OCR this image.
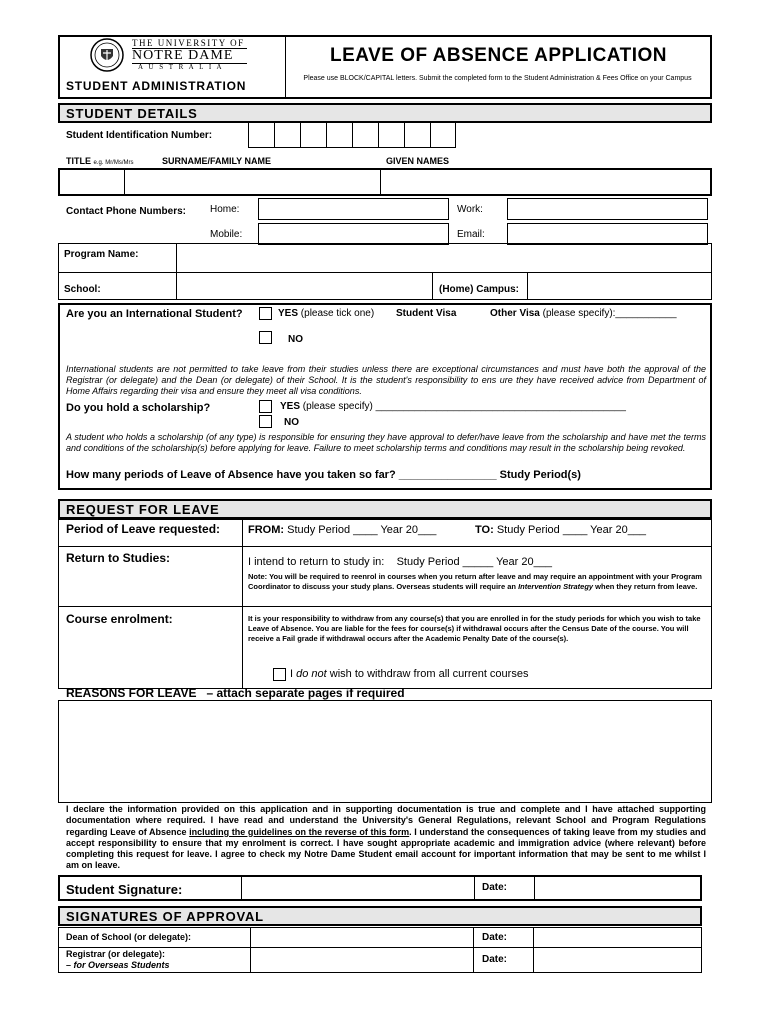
THE UNIVERSITY OF
NOTRE DAME
A U S T R A L I A
STUDENT ADMINISTRATION
LEAVE OF ABSENCE APPLICATION
Please use BLOCK/CAPITAL letters. Submit the completed form to the Student Administration & Fees Office on your Campus
STUDENT DETAILS
Student Identification Number:
TITLE e.g. Mr/Ms/Mrs	SURNAME/FAMILY NAME	GIVEN NAMES
Contact Phone Numbers: Home:	Work:
Mobile:	Email:
Program Name:
School:	(Home) Campus:
Are you an International Student?	YES (please tick one) Student Visa	Other Visa (please specify):___________
NO
International students are not permitted to take leave from their studies unless there are exceptional circumstances and must have both the approval of the Registrar (or delegate) and the Dean (or delegate) of their School. It is the student's responsibility to ens ure they have received advice from Department of Home Affairs regarding their visa and ensure they meet all visa conditions.
Do you hold a scholarship?	YES (please specify) _____________________________________________
NO
A student who holds a scholarship (of any type) is responsible for ensuring they have approval to defer/have leave from the scholarship and have met the terms and conditions of the scholarship(s) before applying for leave. Failure to meet scholarship terms and conditions may result in the scholarship being revoked.
How many periods of Leave of Absence have you taken so far? ________________ Study Period(s)
REQUEST FOR LEAVE
Period of Leave requested:	FROM: Study Period ____ Year 20___	TO: Study Period ____ Year 20___
Return to Studies:	I intend to return to study in:    Study Period _____ Year 20___
Note: You will be required to reenrol in courses when you return after leave and may require an appointment with your Program Coordinator to discuss your study plans. Overseas students will require an Intervention Strategy when they return from leave.
Course enrolment:	It is your responsibility to withdraw from any course(s) that you are enrolled in for the study periods for which you wish to take Leave of Absence. You are liable for the fees for course(s) if withdrawal occurs after the Census Date of the course. You will receive a Fail grade if withdrawal occurs after the Academic Penalty Date of the course(s).
I do not wish to withdraw from all current courses
REASONS FOR LEAVE – attach separate pages if required
I declare the information provided on this application and in supporting documentation is true and complete and I have attached supporting documentation where required. I have read and understand the University's General Regulations, relevant School and Program Regulations regarding Leave of Absence including the guidelines on the reverse of this form. I understand the consequences of taking leave from my studies and accept responsibility to ensure that my enrolment is correct. I have sought appropriate academic and immigration advice (where relevant) before completing this request for leave. I agree to check my Notre Dame Student email account for important information that may be sent to me whilst I am on leave.
Student Signature:	Date:
SIGNATURES OF APPROVAL
Dean of School (or delegate):	Date:
Registrar (or delegate):
– for Overseas Students	Date:
